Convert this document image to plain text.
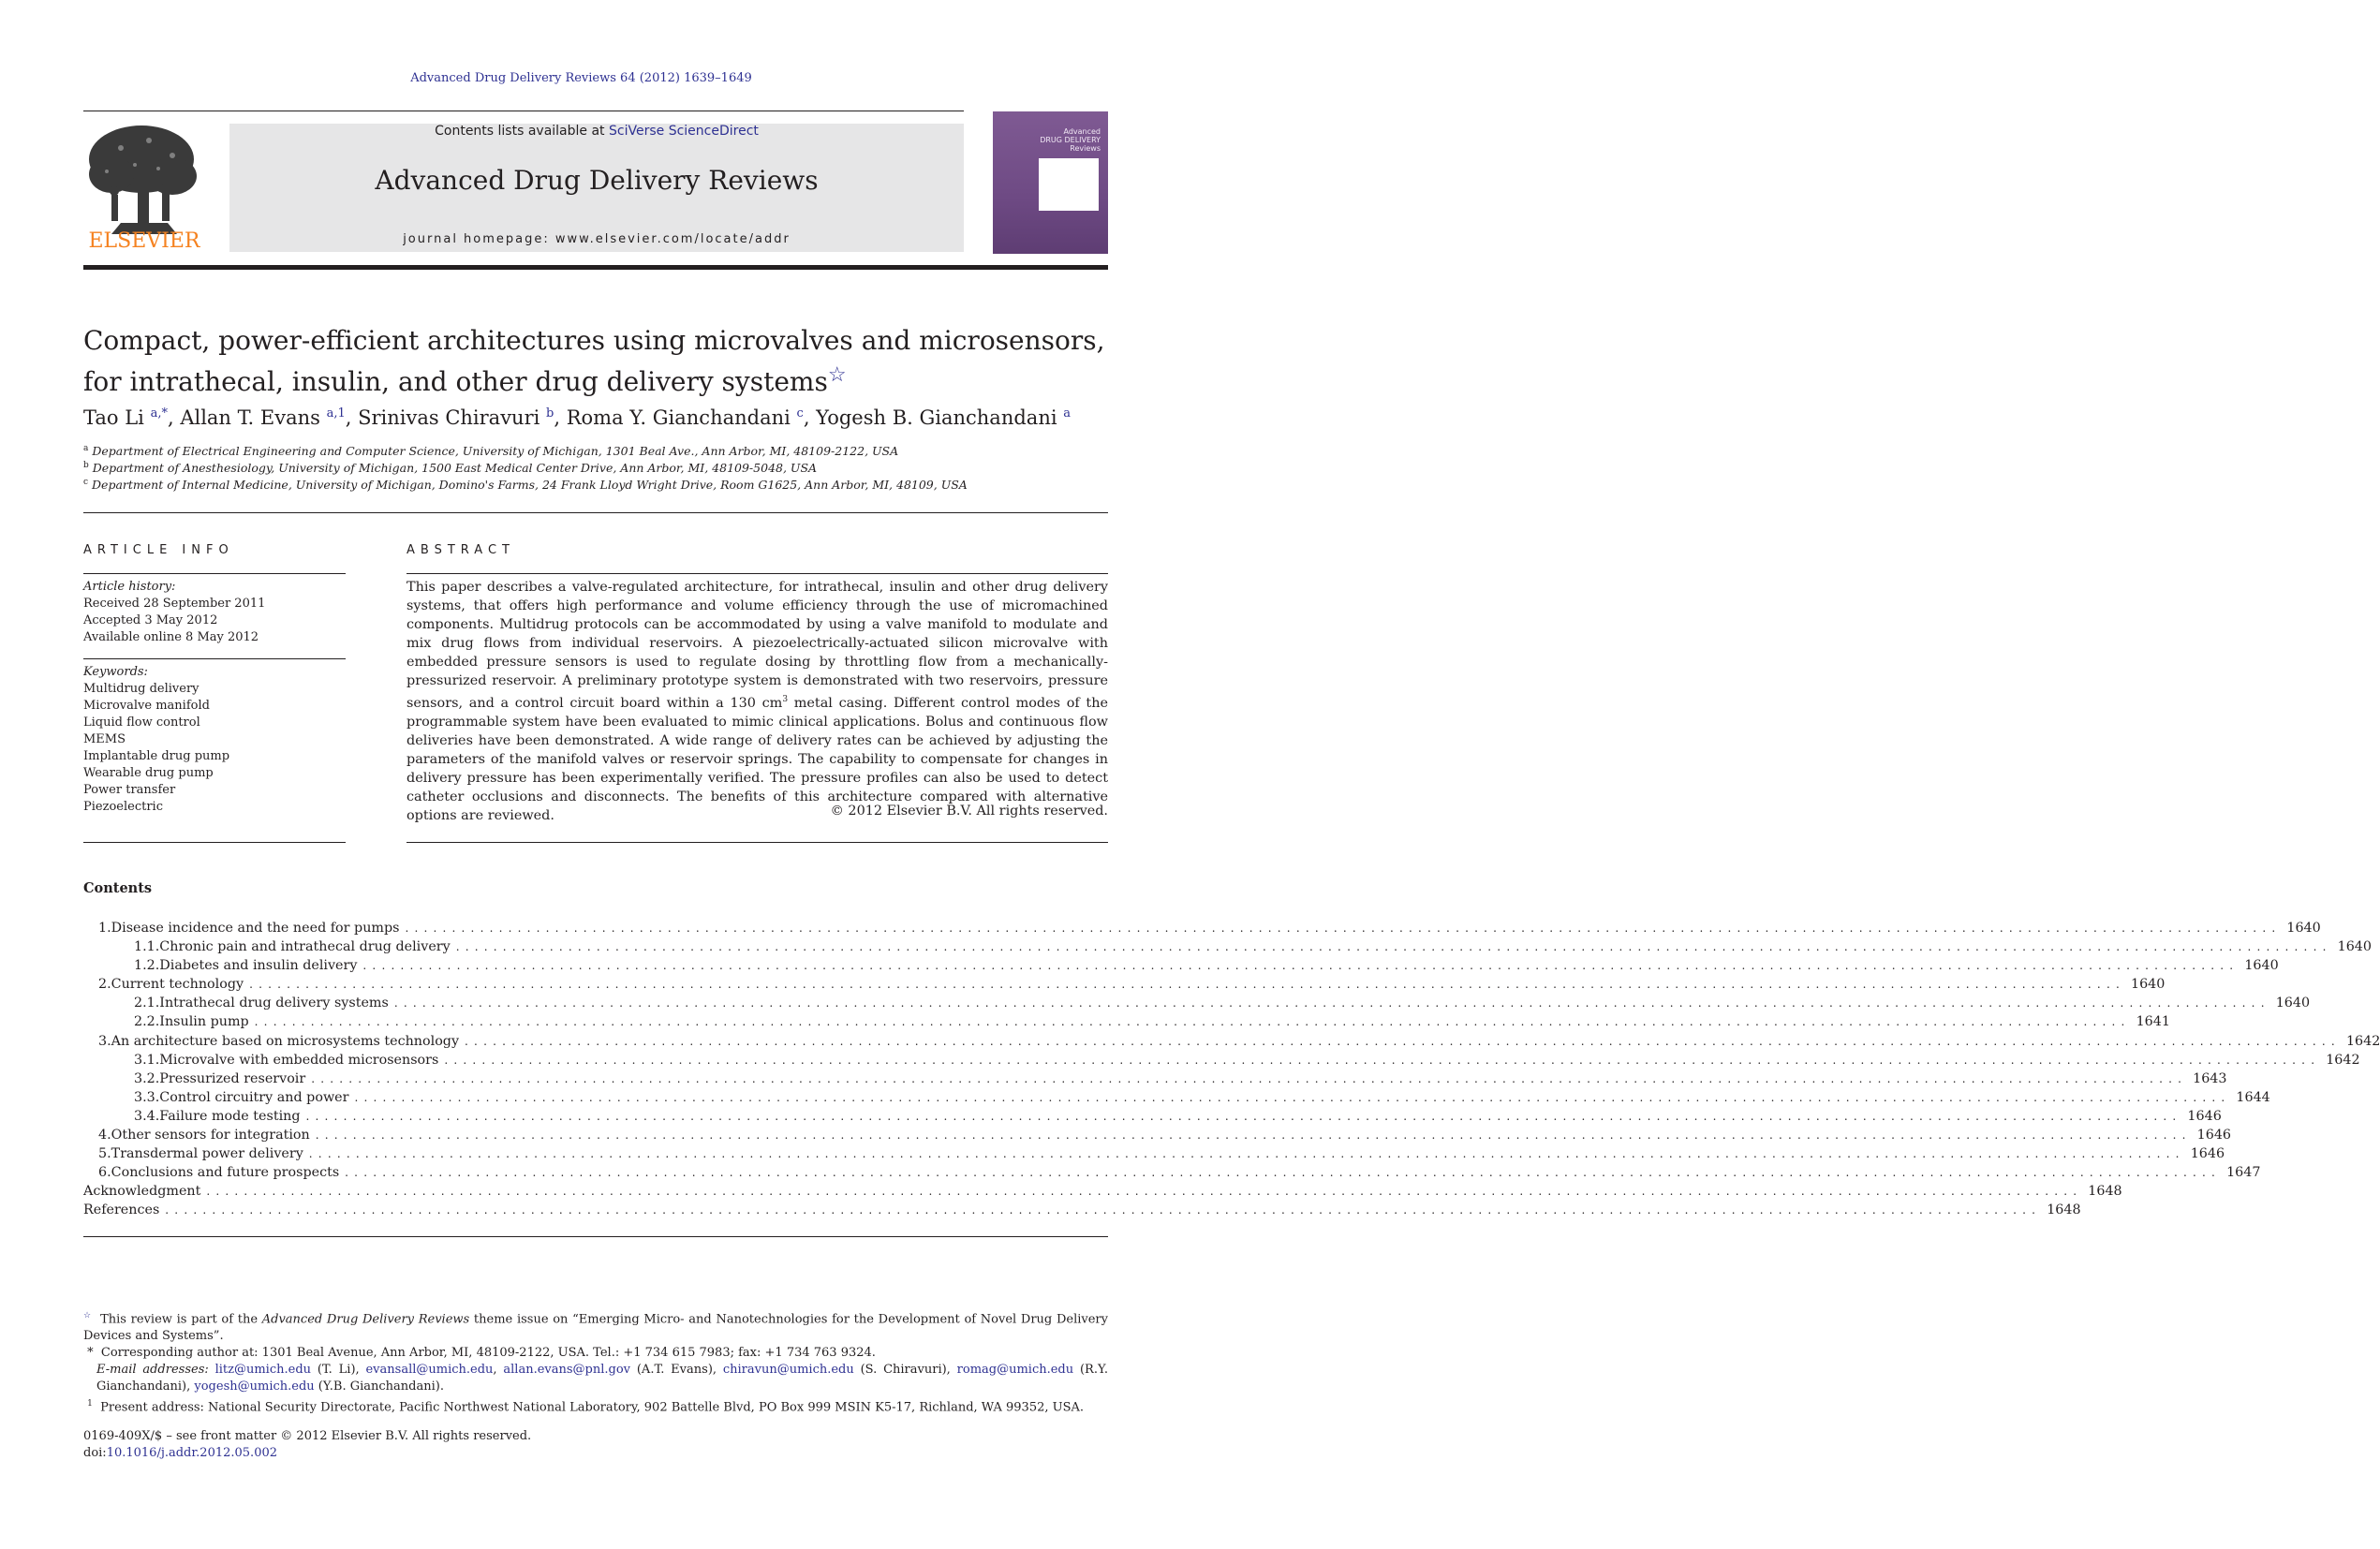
Advanced Drug Delivery Reviews 64 (2012) 1639–1649
ELSEVIER
Contents lists available at SciVerse ScienceDirect
Advanced Drug Delivery Reviews
journal homepage: www.elsevier.com/locate/addr
Advanced
DRUG DELIVERY
Reviews
Compact, power-efficient architectures using microvalves and microsensors,
for intrathecal, insulin, and other drug delivery systems☆
Tao Li $^{a,*}$, Allan T. Evans $^{a,1}$, Srinivas Chiravuri $^b$, Roma Y. Gianchandani $^c$, Yogesh B. Gianchandani $^a$
$^a$ Department of Electrical Engineering and Computer Science, University of Michigan, 1301 Beal Ave., Ann Arbor, MI, 48109-2122, USA
$^b$ Department of Anesthesiology, University of Michigan, 1500 East Medical Center Drive, Ann Arbor, MI, 48109-5048, USA
$^c$ Department of Internal Medicine, University of Michigan, Domino's Farms, 24 Frank Lloyd Wright Drive, Room G1625, Ann Arbor, MI, 48109, USA
ARTICLE INFO
Article history:
Received 28 September 2011
Accepted 3 May 2012
Available online 8 May 2012
Keywords:
Multidrug delivery
Microvalve manifold
Liquid flow control
MEMS
Implantable drug pump
Wearable drug pump
Power transfer
Piezoelectric
ABSTRACT
This paper describes a valve-regulated architecture, for intrathecal, insulin and other drug delivery systems, that offers high performance and volume efficiency through the use of micromachined components. Multidrug protocols can be accommodated by using a valve manifold to modulate and mix drug flows from individual reservoirs. A piezoelectrically-actuated silicon microvalve with embedded pressure sensors is used to regulate dosing by throttling flow from a mechanically-pressurized reservoir. A preliminary prototype system is demonstrated with two reservoirs, pressure sensors, and a control circuit board within a 130 $cm^3$ metal casing. Different control modes of the programmable system have been evaluated to mimic clinical applications. Bolus and continuous flow deliveries have been demonstrated. A wide range of delivery rates can be achieved by adjusting the parameters of the manifold valves or reservoir springs. The capability to compensate for changes in delivery pressure has been experimentally verified. The pressure profiles can also be used to detect catheter occlusions and disconnects. The benefits of this architecture compared with alternative options are reviewed.	© 2012 Elsevier B.V. All rights reserved.
Contents
1. Disease incidence and the need for pumps ........................................................................................................................................................................................................ 1640
1.1. Chronic pain and intrathecal drug delivery ........................................................................................................................................................................................................ 1640
1.2. Diabetes and insulin delivery ........................................................................................................................................................................................................ 1640
2. Current technology ........................................................................................................................................................................................................ 1640
2.1. Intrathecal drug delivery systems ........................................................................................................................................................................................................ 1640
2.2. Insulin pump ........................................................................................................................................................................................................ 1641
3. An architecture based on microsystems technology ........................................................................................................................................................................................................ 1642
3.1. Microvalve with embedded microsensors ........................................................................................................................................................................................................ 1642
3.2. Pressurized reservoir ........................................................................................................................................................................................................ 1643
3.3. Control circuitry and power ........................................................................................................................................................................................................ 1644
3.4. Failure mode testing ........................................................................................................................................................................................................ 1646
4. Other sensors for integration ........................................................................................................................................................................................................ 1646
5. Transdermal power delivery ........................................................................................................................................................................................................ 1646
6. Conclusions and future prospects ........................................................................................................................................................................................................ 1647
Acknowledgment ........................................................................................................................................................................................................ 1648
References ........................................................................................................................................................................................................ 1648
☆ This review is part of the Advanced Drug Delivery Reviews theme issue on “Emerging Micro- and Nanotechnologies for the Development of Novel Drug Delivery Devices and Systems”.
* Corresponding author at: 1301 Beal Avenue, Ann Arbor, MI, 48109-2122, USA. Tel.: +1 734 615 7983; fax: +1 734 763 9324.
E-mail addresses: litz@umich.edu (T. Li), evansall@umich.edu, allan.evans@pnl.gov (A.T. Evans), chiravun@umich.edu (S. Chiravuri), romag@umich.edu (R.Y. Gianchandani), yogesh@umich.edu (Y.B. Gianchandani).
$^1$ Present address: National Security Directorate, Pacific Northwest National Laboratory, 902 Battelle Blvd, PO Box 999 MSIN K5-17, Richland, WA 99352, USA.
0169-409X/$ – see front matter © 2012 Elsevier B.V. All rights reserved.
doi:10.1016/j.addr.2012.05.002
